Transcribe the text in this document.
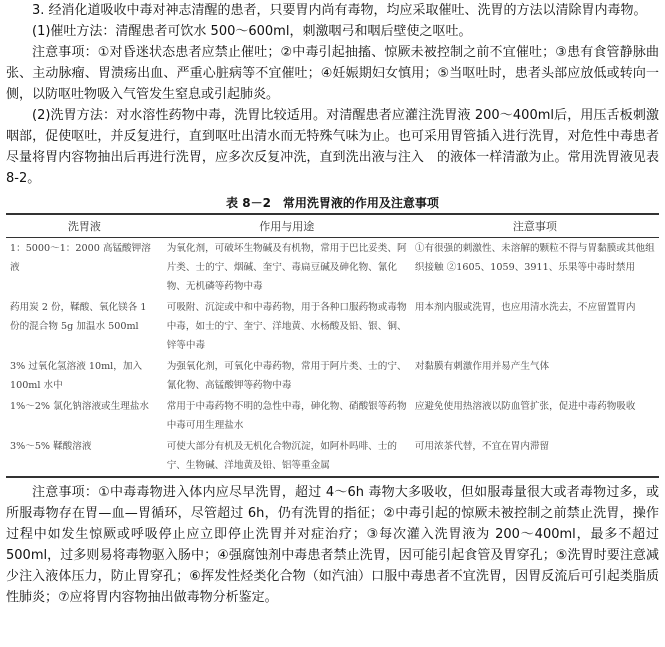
3. 经消化道吸收中毒对神志清醒的患者，只要胃内尚有毒物，均应采取催吐、洗胃的方法以清除胃内毒物。

(1)催吐方法：清醒患者可饮水 500～600ml，刺激咽弓和咽后壁使之呕吐。

注意事项：①对昏迷状态患者应禁止催吐；②中毒引起抽搐、惊厥未被控制之前不宜催吐；③患有食管静脉曲张、主动脉瘤、胃溃疡出血、严重心脏病等不宜催吐；④妊娠期妇女慎用；⑤当呕吐时，患者头部应放低或转向一侧，以防呕吐物吸入气管发生窒息或引起肺炎。

(2)洗胃方法：对水溶性药物中毒，洗胃比较适用。对清醒患者应灌注洗胃液 200～400ml后，用压舌板刺激咽部，促使呕吐，并反复进行，直到呕吐出清水而无特殊气味为止。也可采用胃管插入进行洗胃，对危性中毒患者尽量将胃内容物抽出后再进行洗胃，应多次反复冲洗，直到洗出液与注入　的液体一样清澈为止。常用洗胃液见表 8-2。

表 8－2　常用洗胃液的作用及注意事项
洗胃液	作用与用途	注意事项
1：5000～1：2000 高锰酸钾溶液	为氧化剂，可破坏生物碱及有机物，常用于巴比妥类、阿片类、士的宁、烟碱、奎宁、毒扁豆碱及砷化物、氰化物、无机磷等药物中毒	①有很强的刺激性、未溶解的颗粒不得与胃黏膜或其他组织接触 ②1605、1059、3911、乐果等中毒时禁用
药用炭 2 份，鞣酸、氧化镁各 1 份的混合物 5g 加温水 500ml	可吸附、沉淀或中和中毒药物，用于各种口服药物或毒物中毒，如士的宁、奎宁、洋地黄、水杨酸及铅、银、铜、锌等中毒	用本剂内服或洗胃，也应用清水洗去，不应留置胃内
3% 过氧化氢溶液 10ml，加入100ml 水中	为强氧化剂，可氧化中毒药物，常用于阿片类、士的宁、氰化物、高锰酸钾等药物中毒	对黏膜有刺激作用并易产生气体
1%～2% 氯化钠溶液或生理盐水	常用于中毒药物不明的急性中毒，砷化物、硝酸银等药物中毒可用生理盐水	应避免使用热溶液以防血管扩张，促进中毒药物吸收
3%～5% 鞣酸溶液	可使大部分有机及无机化合物沉淀，如阿朴吗啡、士的宁、生物碱、洋地黄及铅、铝等重金属	可用浓茶代替，不宜在胃内滞留

注意事项：①中毒毒物进入体内应尽早洗胃，超过 4～6h 毒物大多吸收，但如服毒量很大或者毒物过多，或所服毒物存在胃—血—胃循环，尽管超过 6h，仍有洗胃的指征；②中毒引起的惊厥未被控制之前禁止洗胃，操作过程中如发生惊厥或呼吸停止应立即停止洗胃并对症治疗；③每次灌入洗胃液为 200～400ml，最多不超过 500ml，过多则易将毒物驱入肠中；④强腐蚀剂中毒患者禁止洗胃，因可能引起食管及胃穿孔；⑤洗胃时要注意减少注入液体压力，防止胃穿孔；⑥挥发性烃类化合物（如汽油）口服中毒患者不宜洗胃，因胃反流后可引起类脂质性肺炎；⑦应将胃内容物抽出做毒物分析鉴定。
